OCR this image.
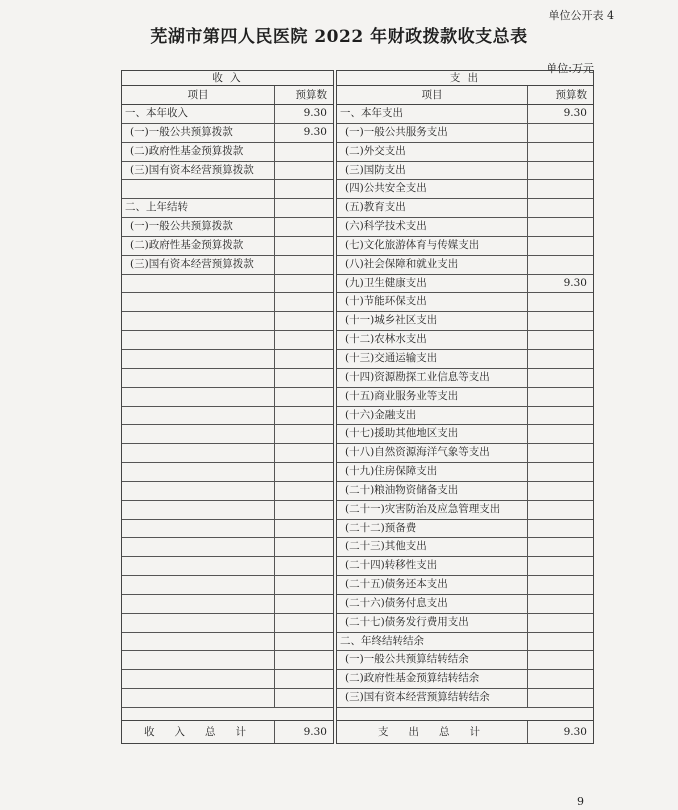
单位公开表 4
芜湖市第四人民医院 2022 年财政拨款收支总表
单位:万元
收 入
项目	预算数
一、本年收入	9.30
(一)一般公共预算拨款	9.30
(二)政府性基金预算拨款
(三)国有资本经营预算拨款
二、上年结转
(一)一般公共预算拨款
(二)政府性基金预算拨款
(三)国有资本经营预算拨款
收入总计	9.30
支 出
项目	预算数
一、本年支出	9.30
(一)一般公共服务支出
(二)外交支出
(三)国防支出
(四)公共安全支出
(五)教育支出
(六)科学技术支出
(七)文化旅游体育与传媒支出
(八)社会保障和就业支出
(九)卫生健康支出	9.30
(十)节能环保支出
(十一)城乡社区支出
(十二)农林水支出
(十三)交通运输支出
(十四)资源勘探工业信息等支出
(十五)商业服务业等支出
(十六)金融支出
(十七)援助其他地区支出
(十八)自然资源海洋气象等支出
(十九)住房保障支出
(二十)粮油物资储备支出
(二十一)灾害防治及应急管理支出
(二十二)预备费
(二十三)其他支出
(二十四)转移性支出
(二十五)债务还本支出
(二十六)债务付息支出
(二十七)债务发行费用支出
二、年终结转结余
(一)一般公共预算结转结余
(二)政府性基金预算结转结余
(三)国有资本经营预算结转结余
支出总计	9.30
9
